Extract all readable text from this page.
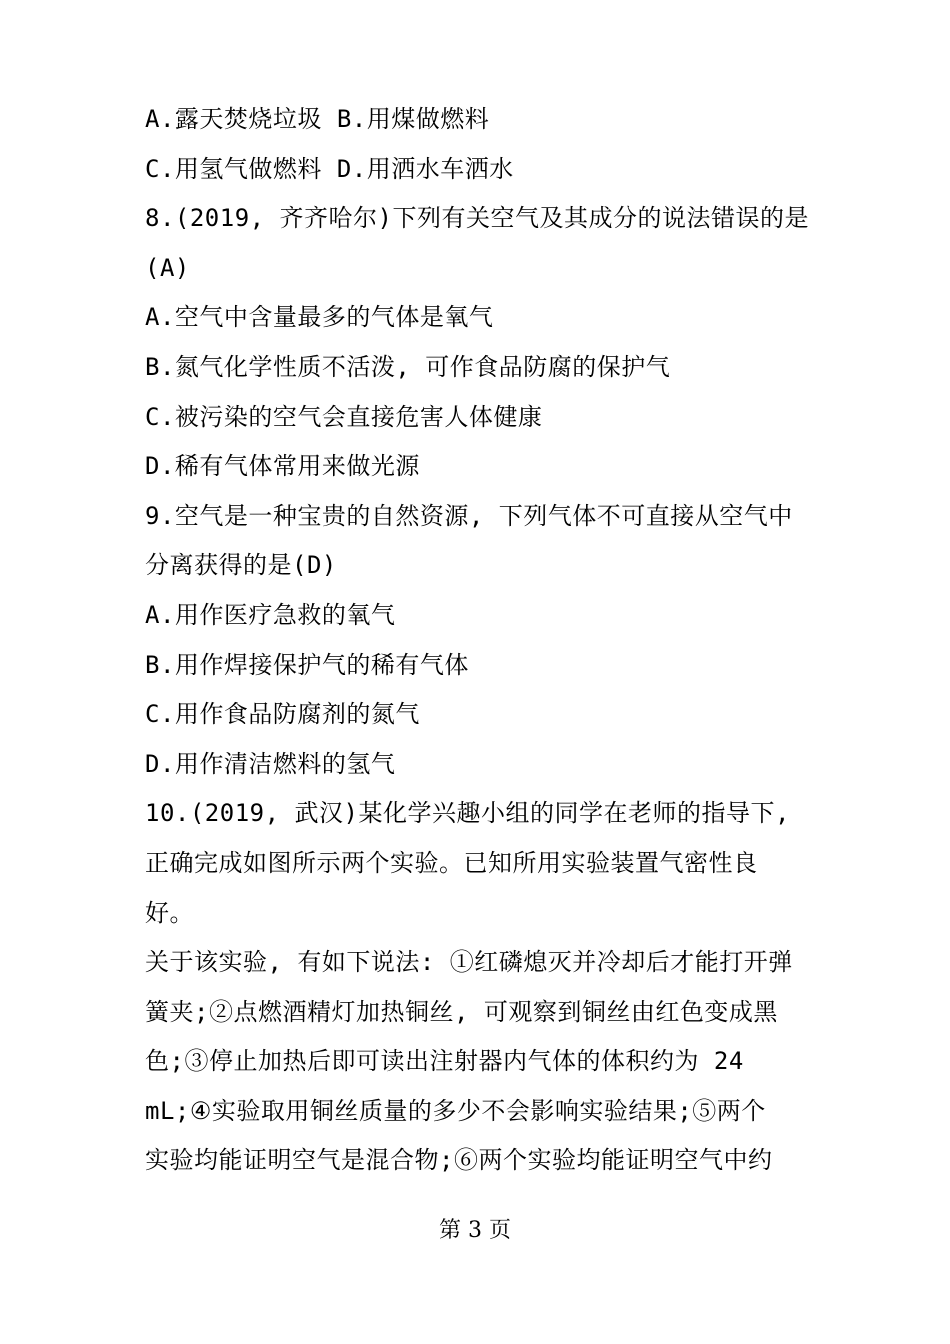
A.露天焚烧垃圾 B.用煤做燃料
C.用氢气做燃料 D.用洒水车洒水
8.(2019, 齐齐哈尔)下列有关空气及其成分的说法错误的是
(A)
A.空气中含量最多的气体是氧气
B.氮气化学性质不活泼, 可作食品防腐的保护气
C.被污染的空气会直接危害人体健康
D.稀有气体常用来做光源
9.空气是一种宝贵的自然资源, 下列气体不可直接从空气中
分离获得的是(D)
A.用作医疗急救的氧气
B.用作焊接保护气的稀有气体
C.用作食品防腐剂的氮气
D.用作清洁燃料的氢气
10.(2019, 武汉)某化学兴趣小组的同学在老师的指导下,
正确完成如图所示两个实验。已知所用实验装置气密性良
好。
关于该实验, 有如下说法: ①红磷熄灭并冷却后才能打开弹
簧夹;②点燃酒精灯加热铜丝, 可观察到铜丝由红色变成黑
色;③停止加热后即可读出注射器内气体的体积约为 24
mL;④实验取用铜丝质量的多少不会影响实验结果;⑤两个
实验均能证明空气是混合物;⑥两个实验均能证明空气中约
第 3 页
